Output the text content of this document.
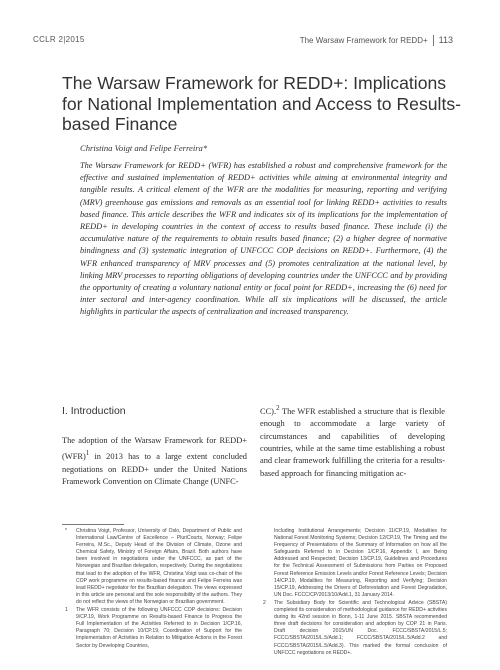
CCLR 2|2015	The Warsaw Framework for REDD+ 113
The Warsaw Framework for REDD+: Implications for National Implementation and Access to Results-based Finance
Christina Voigt and Felipe Ferreira*

The Warsaw Framework for REDD+ (WFR) has established a robust and comprehensive framework for the effective and sustained implementation of REDD+ activities while aiming at environmental integrity and tangible results. A critical element of the WFR are the modalities for measuring, reporting and verifying (MRV) greenhouse gas emissions and removals as an essential tool for linking REDD+ activities to results based finance. This article describes the WFR and indicates six of its implications for the implementation of REDD+ in developing countries in the context of access to results based finance. These include (i) the accumulative nature of the requirements to obtain results based finance; (2) a higher degree of normative bindingness and (3) systematic integration of UNFCCC COP decisions on REDD+. Furthermore, (4) the WFR enhanced transparency of MRV processes and (5) promotes centralization at the national level, by linking MRV processes to reporting obligations of developing countries under the UNFCCC and by providing the opportunity of creating a voluntary national entity or focal point for REDD+, increasing the (6) need for inter sectoral and inter-agency coordination. While all six implications will be discussed, the article highlights in particular the aspects of centralization and increased transparency.

I. Introduction

The adoption of the Warsaw Framework for REDD+ (WFR)$^1$ in 2013 has to a large extent concluded negotiations on REDD+ under the United Nations Framework Convention on Climate Change (UNFC-

CC).$^2$ The WFR established a structure that is flexible enough to accommodate a large variety of circumstances and capabilities of developing countries, while at the same time establishing a robust and clear framework fulfilling the criteria for a results-based approach for financing mitigation ac-

* Christina Voigt, Professor, University of Oslo, Department of Public and International Law/Centre of Excellence – PluriCourts, Norway; Felipe Ferreira, M.Sc., Deputy Head of the Division of Climate, Ozone and Chemical Safety, Ministry of Foreign Affairs, Brazil. Both authors have been involved in negotiations under the UNFCCC, as part of the Norwegian and Brazilian delegation, respectively. During the negotiations that lead to the adoption of the WFR, Christina Voigt was co-chair of the COP work programme on results-based finance and Felipe Ferreira was lead REDD+ negotiator for the Brazilian delegation. The views expressed in this article are personal and the sole responsibility of the authors. They do not reflect the views of the Norwegian or Brazilian government.

1 The WFR consists of the following UNFCCC COP decisions: Decision 9/CP.19, Work Programme on Results-based Finance to Progress the Full Implementation of the Activities Referred to in Decision 1/CP.16, Paragraph 70; Decision 10/CP.19, Coordination of Support for the Implementation of Activities in Relation to Mitigation Actions in the Forest Sector by Developing Countries,

Including Institutional Arrangements; Decision 11/CP.19, Modalities for National Forest Monitoring Systems; Decision 12/CP.19, The Timing and the Frequency of Presentations of the Summary of Information on how all the Safeguards Referred to in Decision 1/CP.16, Appendix I, are Being Addressed and Respected; Decision 13/CP.19, Guidelines and Procedures for the Technical Assessment of Submissions from Parties on Proposed Forest Reference Emission Levels and/or Forest Reference Levels; Decision 14/CP.19, Modalities for Measuring, Reporting and Verifying; Decision 15/CP.19, Addressing the Drivers of Deforestation and Forest Degradation, UN Doc. FCCC/CP/2013/10/Add.1, 31 January 2014.

2 The Subsidiary Body for Scientific and Technological Advice (SBSTA) completed its consideration of methodological guidance for REDD+ activities during its 42nd session in Bonn, 1-11 June 2015. SBSTA recommended three draft decisions for consideration and adoption by COP 21 in Paris. Draft decision 2015/UN Doc. FCCC/SBSTA/2015/L.5; FCCC/SBSTA/2015/L.5/Add.1; FCCC/SBSTA/2015/L.5/Add.2 and FCCC/SBSTA/2015/L.5/Add.3). This marked the formal conclusion of UNFCCC negotiations on REDD+.
